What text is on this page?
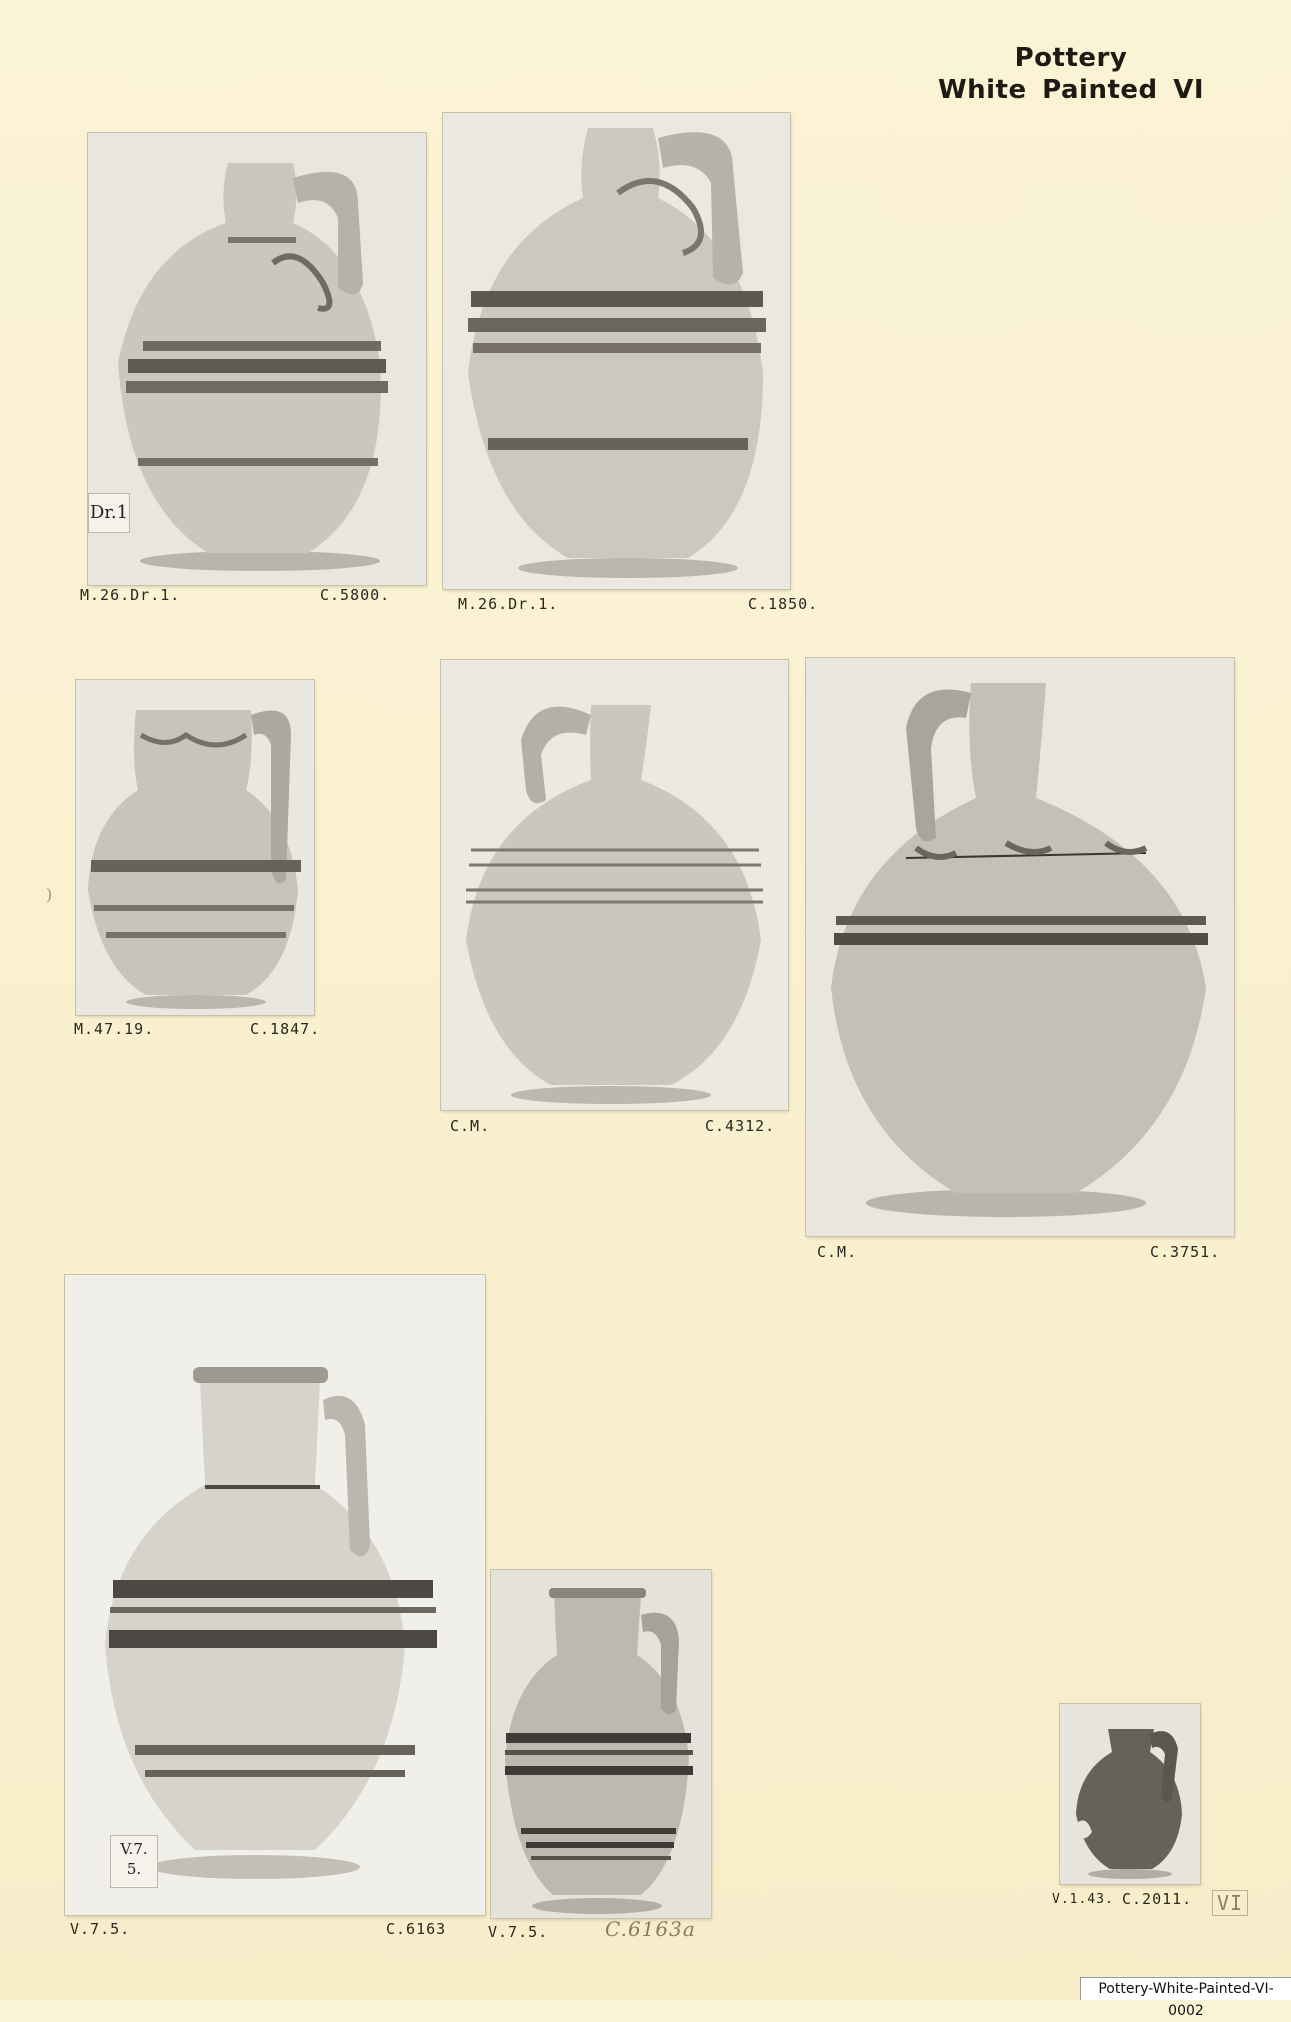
Pottery
White Painted VI
Dr.1
M.26.Dr.1.	C.5800.	M.26.Dr.1.	C.1850.
M.47.19.	C.1847.
C.M.	C.4312.
C.M.	C.3751.
V.7.
5.
V.7.5.	C.6163	V.7.5.	C.6163a
V.1.43. C.2011. VI
)
Pottery-White-Painted-VI-0002
